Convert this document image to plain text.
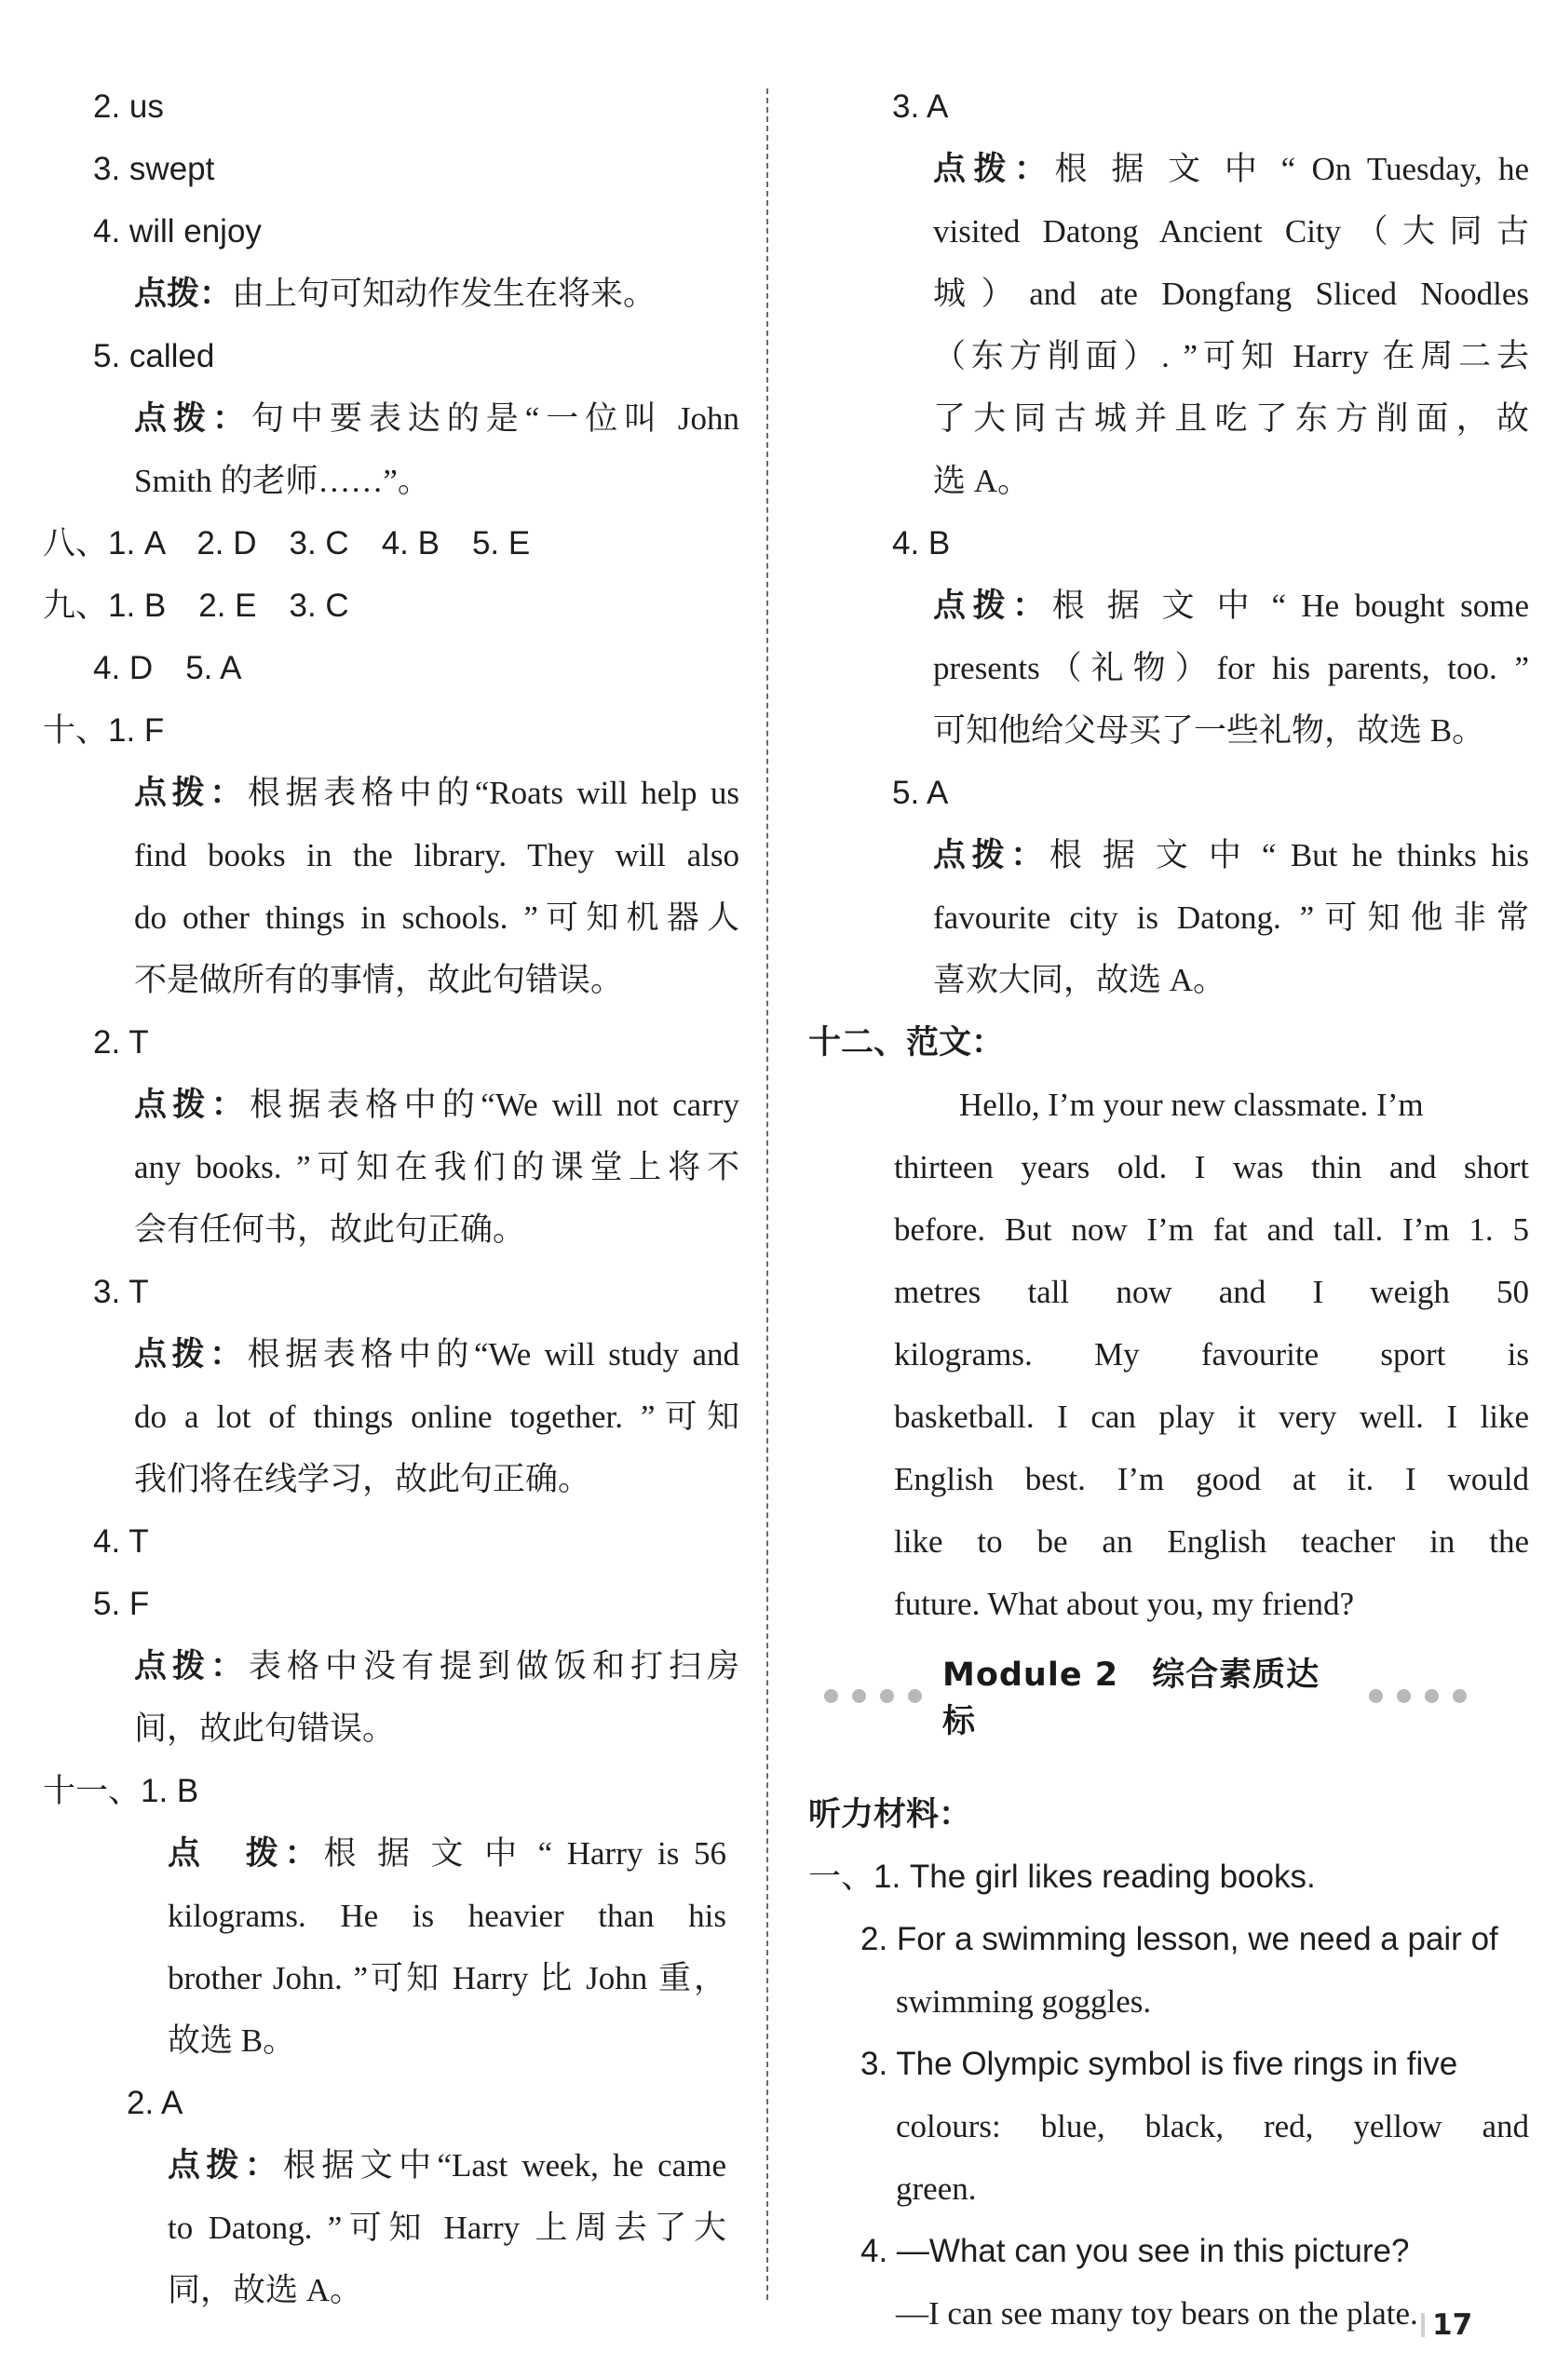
2. us
3. swept
4. will enjoy
点拨：由上句可知动作发生在将来。
5. called
点拨：句中要表达的是“一位叫 John
Smith 的老师……”。
八、1. A　2. D　3. C　4. B　5. E
九、1. B　2. E　3. C
4. D　5. A
十、1. F
点拨：根据表格中的“Roats will help us
find books in the library. They will also
do other things in schools. ”可知机器人
不是做所有的事情，故此句错误。
2. T
点拨：根据表格中的“We will not carry
any books. ”可知在我们的课堂上将不
会有任何书，故此句正确。
3. T
点拨：根据表格中的“We will study and
do a lot of things online together. ”可知
我们将在线学习，故此句正确。
4. T
5. F
点拨：表格中没有提到做饭和打扫房
间，故此句错误。
十一、1. B
点　拨：根 据 文 中 “ Harry is 56
kilograms. He is heavier than his
brother John. ”可知 Harry 比 John 重，
故选 B。
2. A
点拨：根据文中“Last week, he came
to Datong. ”可知 Harry 上周去了大
同，故选 A。
3. A
点拨：根 据 文 中 “ On Tuesday, he
visited Datong Ancient City（大同古
城）and ate Dongfang Sliced Noodles
（东方削面）. ”可知 Harry 在周二去
了大同古城并且吃了东方削面，故
选 A。
4. B
点拨：根 据 文 中 “ He bought some
presents（礼物）for his parents, too. ”
可知他给父母买了一些礼物，故选 B。
5. A
点拨：根 据 文 中 “ But he thinks his
favourite city is Datong. ”可知他非常
喜欢大同，故选 A。
十二、范文：
Hello, I’m your new classmate. I’m
thirteen years old. I was thin and short
before. But now I’m fat and tall. I’m 1. 5
metres tall now and I weigh 50
kilograms. My favourite sport is
basketball. I can play it very well. I like
English best. I’m good at it. I would
like to be an English teacher in the
future. What about you, my friend?
听力材料：
一、1. The girl likes reading books.
2. For a swimming lesson, we need a pair of
swimming goggles.
3. The Olympic symbol is five rings in five
colours: blue, black, red, yellow and
green.
4. —What can you see in this picture?
—I can see many toy bears on the plate.
Module 2　综合素质达标
17
